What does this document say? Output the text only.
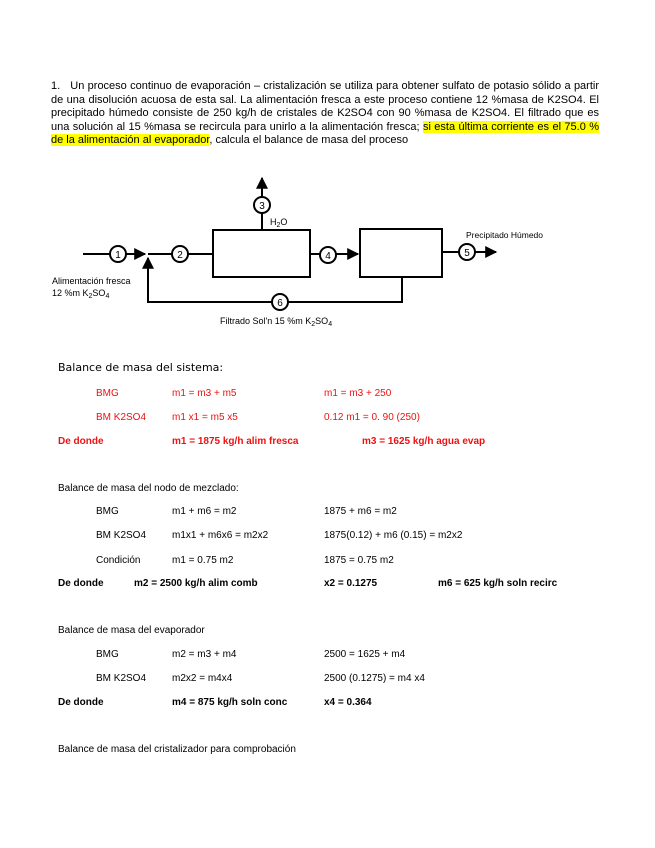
1. Un proceso continuo de evaporación – cristalización se utiliza para obtener sulfato de potasio sólido a partir de una disolución acuosa de esta sal. La alimentación fresca a este proceso contiene 12 %masa de K2SO4. El precipitado húmedo consiste de 250 kg/h de cristales de K2SO4 con 90 %masa de K2SO4. El filtrado que es una solución al 15 %masa se recircula para unirlo a la alimentación fresca; si esta última corriente es el 75.0 % de la alimentación al evaporador, calcula el balance de masa del proceso
1	2
3
4	5
6
$H_2O$
Precipitado Húmedo
Alimentación fresca
12 %m $K_2SO_4$
Filtrado Sol'n 15 %m $K_2SO_4$
Balance de masa del sistema:
BMG	m1 = m3 + m5	m1 = m3 + 250
BM K2SO4	m1 x1 = m5 x5	0.12 m1 = 0. 90 (250)
De donde	m1 = 1875 kg/h alim fresca	m3 = 1625 kg/h agua evap
Balance de masa del nodo de mezclado:
BMG	m1 + m6 = m2	1875 + m6 = m2
BM K2SO4	m1x1 + m6x6 = m2x2	1875(0.12) + m6 (0.15) = m2x2
Condición	m1 = 0.75 m2	1875 = 0.75 m2
De donde	m2 = 2500 kg/h alim comb	x2 = 0.1275	m6 = 625 kg/h soln recirc
Balance de masa del evaporador
BMG	m2 = m3 + m4	2500 = 1625 + m4
BM K2SO4	m2x2 = m4x4	2500 (0.1275) = m4 x4
De donde	m4 = 875 kg/h soln conc	x4 = 0.364
Balance de masa del cristalizador para comprobación
